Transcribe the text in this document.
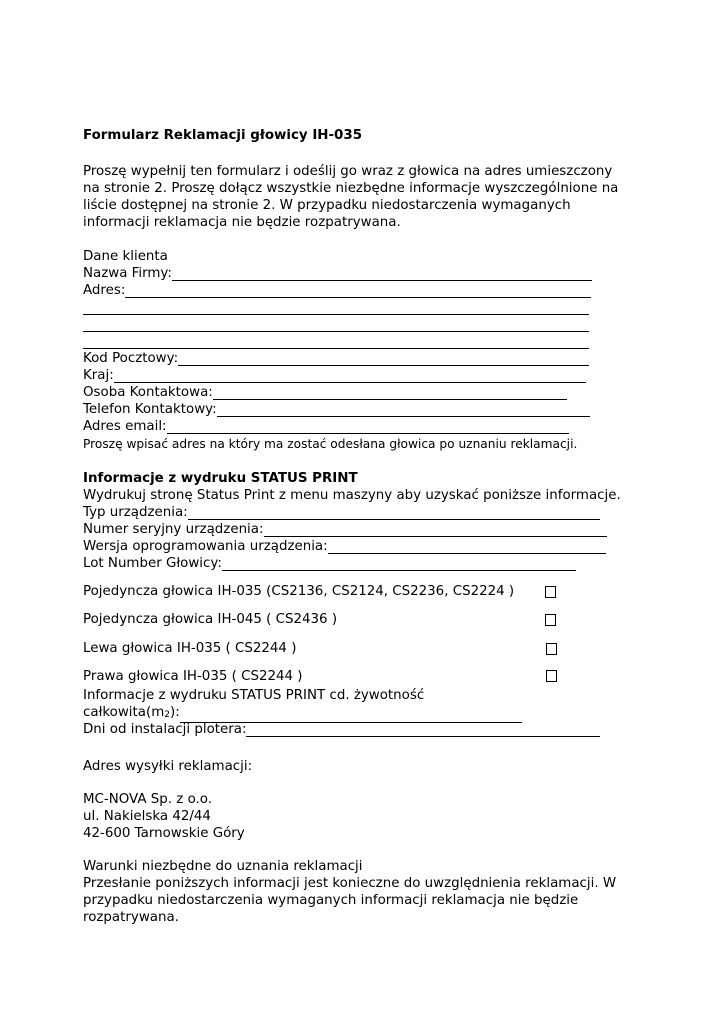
Formularz Reklamacji głowicy IH-035
Proszę wypełnij ten formularz i odeślij go wraz z głowica na adres umieszczony
na stronie 2. Proszę dołącz wszystkie niezbędne informacje wyszczególnione na
liście dostępnej na stronie 2. W przypadku niedostarczenia wymaganych
informacji reklamacja nie będzie rozpatrywana.
Dane klienta
Nazwa Firmy:
Adres:
Kod Pocztowy:
Kraj:
Osoba Kontaktowa:
Telefon Kontaktowy:
Adres email:
Proszę wpisać adres na który ma zostać odesłana głowica po uznaniu reklamacji.
Informacje z wydruku STATUS PRINT
Wydrukuj stronę Status Print z menu maszyny aby uzyskać poniższe informacje.
Typ urządzenia:
Numer seryjny urządzenia:
Wersja oprogramowania urządzenia:
Lot Number Głowicy:
Pojedyncza głowica IH-035 (CS2136, CS2124, CS2236, CS2224 )
Pojedyncza głowica IH-045 ( CS2436 )
Lewa głowica IH-035 ( CS2244 )
Prawa głowica IH-035 ( CS2244 )
Informacje z wydruku STATUS PRINT cd. żywotność
$całkowita(m_2)$:
Dni od instalacji plotera:
Adres wysyłki reklamacji:
MC-NOVA Sp. z o.o.
ul. Nakielska 42/44
42-600 Tarnowskie Góry
Warunki niezbędne do uznania reklamacji
Przesłanie poniższych informacji jest konieczne do uwzględnienia reklamacji. W
przypadku niedostarczenia wymaganych informacji reklamacja nie będzie
rozpatrywana.
